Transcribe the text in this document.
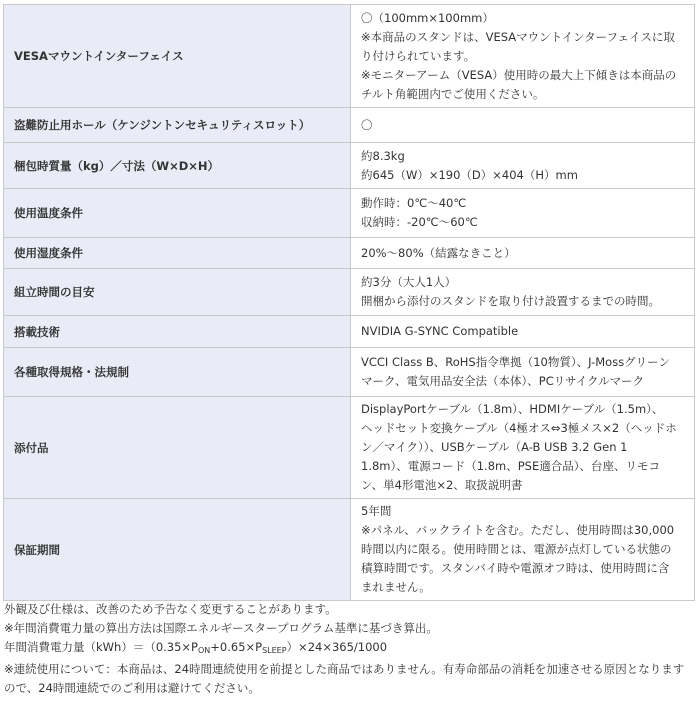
VESAマウントインターフェイス	〇（100mm×100mm）
※本商品のスタンドは、VESAマウントインターフェイスに取
り付けられています。
※モニターアーム（VESA）使用時の最大上下傾きは本商品の
チルト角範囲内でご使用ください。

盗難防止用ホール（ケンジントンセキュリティスロット）	〇

梱包時質量（kg）／寸法（W×D×H）	約8.3kg
約645（W）×190（D）×404（H）mm

使用温度条件	動作時：0℃～40℃
収納時：-20℃～60℃

使用湿度条件	20%～80%（結露なきこと）

組立時間の目安	約3分（大人1人）
開梱から添付のスタンドを取り付け設置するまでの時間。

搭載技術	NVIDIA G-SYNC Compatible

各種取得規格・法規制	VCCI Class B、RoHS指令準拠（10物質）、J-Mossグリーン
マーク、電気用品安全法（本体）、PCリサイクルマーク

添付品	DisplayPortケーブル（1.8m）、HDMIケーブル（1.5m）、
ヘッドセット変換ケーブル（4極オス⇔3極メス×2（ヘッドホ
ン／マイク））、USBケーブル（A-B USB 3.2 Gen 1
1.8m）、電源コード（1.8m、PSE適合品）、台座、リモコ
ン、単4形電池×2、取扱説明書

保証期間	5年間
※パネル、バックライトを含む。ただし、使用時間は30,000
時間以内に限る。使用時間とは、電源が点灯している状態の
積算時間です。スタンバイ時や電源オフ時は、使用時間に含
まれません。
外観及び仕様は、改善のため予告なく変更することがあります。
※年間消費電力量の算出方法は国際エネルギースタープログラム基準に基づき算出。
年間消費電力量$(kWh)=(0.35\times P_{ON}+0.65\times P_{SLEEP})\times 24\times 365/1000$
※連続使用について：本商品は、24時間連続使用を前提とした商品ではありません。有寿命部品の消耗を加速させる原因となります
ので、24時間連続でのご利用は避けてください。
